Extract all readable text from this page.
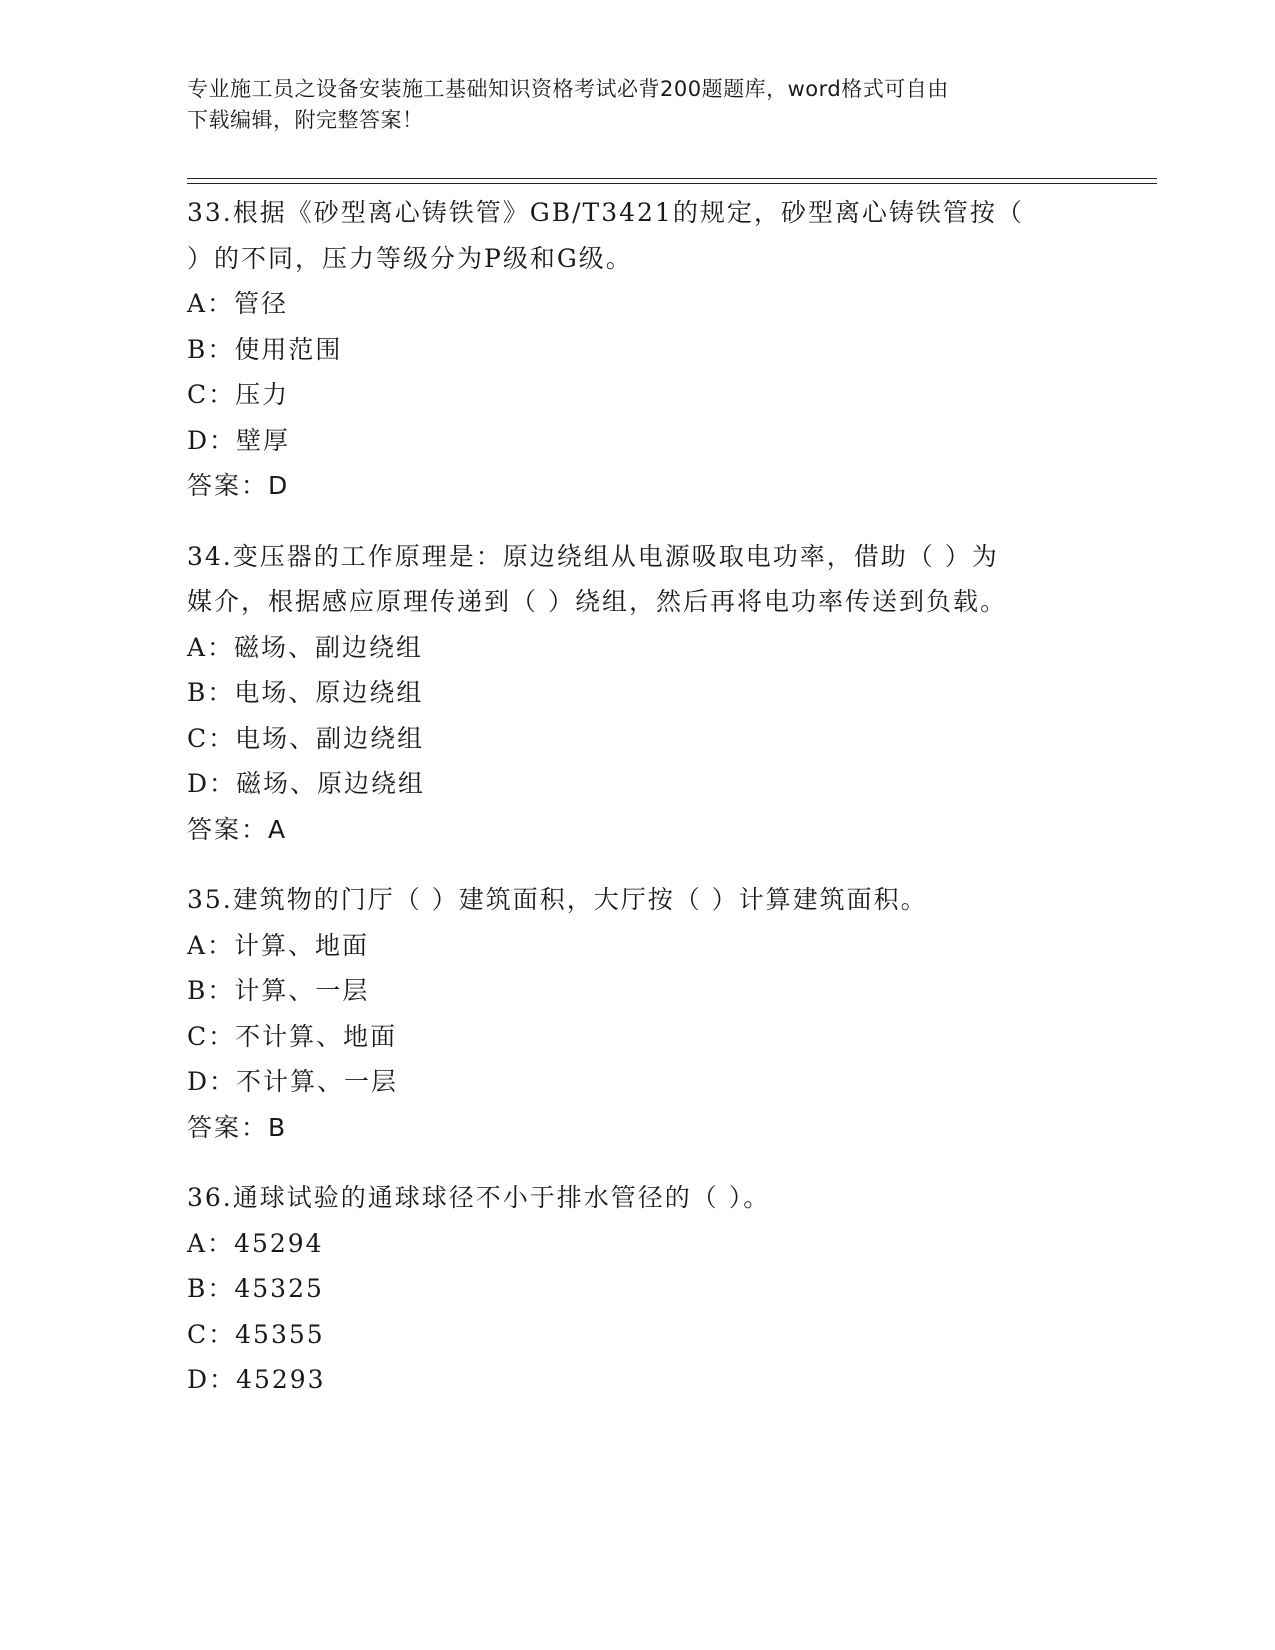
专业施工员之设备安装施工基础知识资格考试必背200题题库，word格式可自由
下载编辑，附完整答案！
33.根据《砂型离心铸铁管》GB/T3421的规定，砂型离心铸铁管按（
）的不同，压力等级分为P级和G级。
A：管径
B：使用范围
C：压力
D：壁厚
答案：D
34.变压器的工作原理是：原边绕组从电源吸取电功率，借助（ ）为
媒介，根据感应原理传递到（ ）绕组，然后再将电功率传送到负载。
A：磁场、副边绕组
B：电场、原边绕组
C：电场、副边绕组
D：磁场、原边绕组
答案：A
35.建筑物的门厅（ ）建筑面积，大厅按（ ）计算建筑面积。
A：计算、地面
B：计算、一层
C：不计算、地面
D：不计算、一层
答案：B
36.通球试验的通球球径不小于排水管径的（ ）。
A：45294
B：45325
C：45355
D：45293
